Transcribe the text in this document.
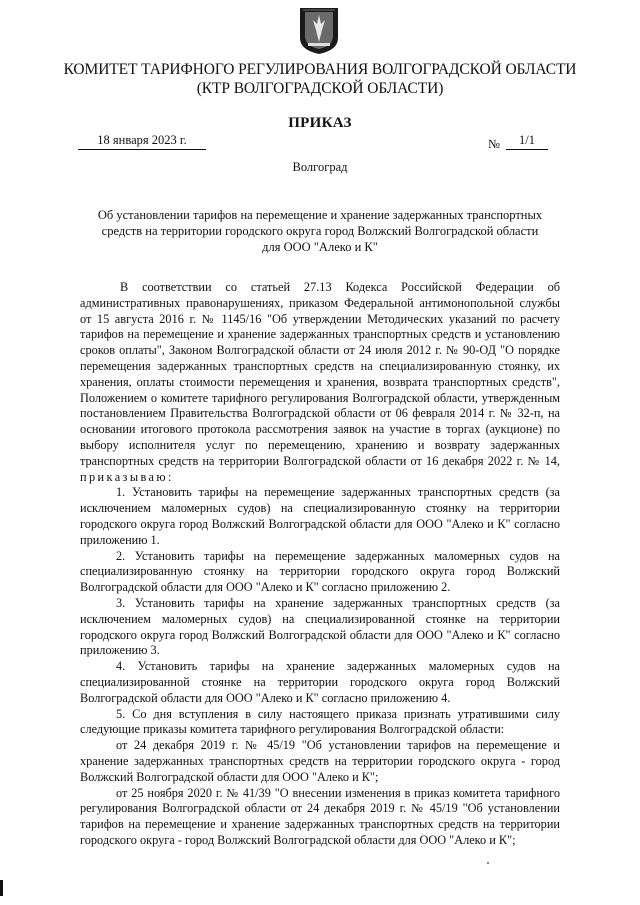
КОМИТЕТ ТАРИФНОГО РЕГУЛИРОВАНИЯ ВОЛГОГРАДСКОЙ ОБЛАСТИ
(КТР ВОЛГОГРАДСКОЙ ОБЛАСТИ)
ПРИКАЗ
18 января 2023 г.	№	1/1
Волгоград
Об установлении тарифов на перемещение и хранение задержанных транспортных
средств на территории городского округа город Волжский Волгоградской области
для ООО "Алеко и К"

В соответствии со статьей 27.13 Кодекса Российской Федерации об административных правонарушениях, приказом Федеральной антимонопольной службы от 15 августа 2016 г. № 1145/16 "Об утверждении Методических указаний по расчету тарифов на перемещение и хранение задержанных транспортных средств и установлению сроков оплаты", Законом Волгоградской области от 24 июля 2012 г. № 90-ОД "О порядке перемещения задержанных транспортных средств на специализированную стоянку, их хранения, оплаты стоимости перемещения и хранения, возврата транспортных средств", Положением о комитете тарифного регулирования Волгоградской области, утвержденным постановлением Правительства Волгоградской области от 06 февраля 2014 г. № 32-п, на основании итогового протокола рассмотрения заявок на участие в торгах (аукционе) по выбору исполнителя услуг по перемещению, хранению и возврату задержанных транспортных средств на территории Волгоградской области от 16 декабря 2022 г. № 14, приказываю:

1. Установить тарифы на перемещение задержанных транспортных средств (за исключением маломерных судов) на специализированную стоянку на территории городского округа город Волжский Волгоградской области для ООО "Алеко и К" согласно приложению 1.

2. Установить тарифы на перемещение задержанных маломерных судов на специализированную стоянку на территории городского округа город Волжский Волгоградской области для ООО "Алеко и К" согласно приложению 2.

3. Установить тарифы на хранение задержанных транспортных средств (за исключением маломерных судов) на специализированной стоянке на территории городского округа город Волжский Волгоградской области для ООО "Алеко и К" согласно приложению 3.

4. Установить тарифы на хранение задержанных маломерных судов на специализированной стоянке на территории городского округа город Волжский Волгоградской области для ООО "Алеко и К" согласно приложению 4.

5. Со дня вступления в силу настоящего приказа признать утратившими силу следующие приказы комитета тарифного регулирования Волгоградской области:

от 24 декабря 2019 г. № 45/19 "Об установлении тарифов на перемещение и хранение задержанных транспортных средств на территории городского округа - город Волжский Волгоградской области для ООО "Алеко и К";

от 25 ноября 2020 г. № 41/39 "О внесении изменения в приказ комитета тарифного регулирования Волгоградской области от 24 декабря 2019 г. № 45/19 "Об установлении тарифов на перемещение и хранение задержанных транспортных средств на территории городского округа - город Волжский Волгоградской области для ООО "Алеко и К";
